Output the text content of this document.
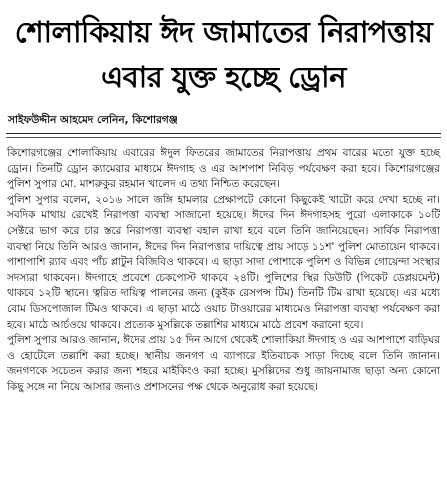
শোলাকিয়ায় ঈদ জামাতের নিরাপত্তায়
এবার যুক্ত হচ্ছে ড্রোন
সাইফউদ্দীন আহমেদ লেনিন, কিশোরগঞ্জ

কিশোরগঞ্জের শোলাকিয়ায় এবারের ঈদুল ফিতরের জামাতের নিরাপত্তায় প্রথম বারের মতো যুক্ত হচ্ছে ড্রোন। তিনটি ড্রোন ক্যামেরার মাধ্যমে ঈদগাহ ও এর আশপাশ নিবিড় পর্যবেক্ষণ করা হবে। কিশোরগঞ্জের পুলিশ সুপার মো. মাশরুকুর রহমান খালেদ এ তথ্য নিশ্চিত করেছেন।

পুলিশ সুপার বলেন, ২০১৬ সালে জঙ্গি হামলার প্রেক্ষাপটে কোনো কিছুকেই খাটো করে দেখা হচ্ছে না। সবদিক মাথায় রেখেই নিরাপত্তা ব্যবস্থা সাজানো হয়েছে। ঈদের দিন ঈদগাহসহ পুরো এলাকাকে ১০টি সেক্টরে ভাগ করে চার স্তরে নিরাপত্তা ব্যবস্থা বহাল রাখা হবে বলে তিনি জানিয়েছেন। সার্বিক নিরাপত্তা ব্যবস্থা নিয়ে তিনি আরও জানান, ঈদের দিন নিরাপত্তার দায়িত্বে প্রায় সাড়ে ১১শ' পুলিশ মোতায়েন থাকবে। পাশাপাশি র‍্যাব এবং পাঁচ প্লাটুন বিজিবিও থাকবে। এ ছাড়া সাদা পোশাকে পুলিশ ও বিভিন্ন গোয়েন্দা সংস্থার সদস্যরা থাকবেন। ঈদগাহে প্রবেশে চেকপোস্ট থাকবে ২৪টি। পুলিশের স্থির ডিউটি (পিকেট ডেপ্লয়মেন্ট) থাকবে ১২টি স্থানে। ত্বরিত দায়িত্ব পালনের জন্য (কুইক রেসপন্স টিম) তিনটি টিম রাখা হয়েছে। এর মধ্যে বোম ডিসপোজাল টিমও থাকবে। এ ছাড়া মাঠে ওয়াচ টাওয়ারের মাধ্যমেও নিরাপত্তা ব্যবস্থা পর্যবেক্ষণ করা হবে। মাঠে আর্চওয়ে থাকবে। প্রত্যেক মুসল্লিকে তল্লাশির মাধ্যমে মাঠে প্রবেশ করানো হবে।

পুলিশ সুপার আরও জানান, ঈদের প্রায় ১৫ দিন আগে থেকেই শোলাকিয়া ঈদগাহ ও এর আশপাশে বাড়িঘর ও হোটেলে তল্লাশি করা হচ্ছে। স্থানীয় জনগণ এ ব্যাপারে ইতিবাচক সাড়া দিচ্ছে বলে তিনি জানান। জনগণকে সচেতন করার জন্য শহরে মাইকিংও করা হচ্ছে। মুসল্লিদের শুধু জায়নামাজ ছাড়া অন্য কোনো কিছু সঙ্গে না নিয়ে আসার জন্যও প্রশাসনের পক্ষ থেকে অনুরোধ করা হয়েছে।
